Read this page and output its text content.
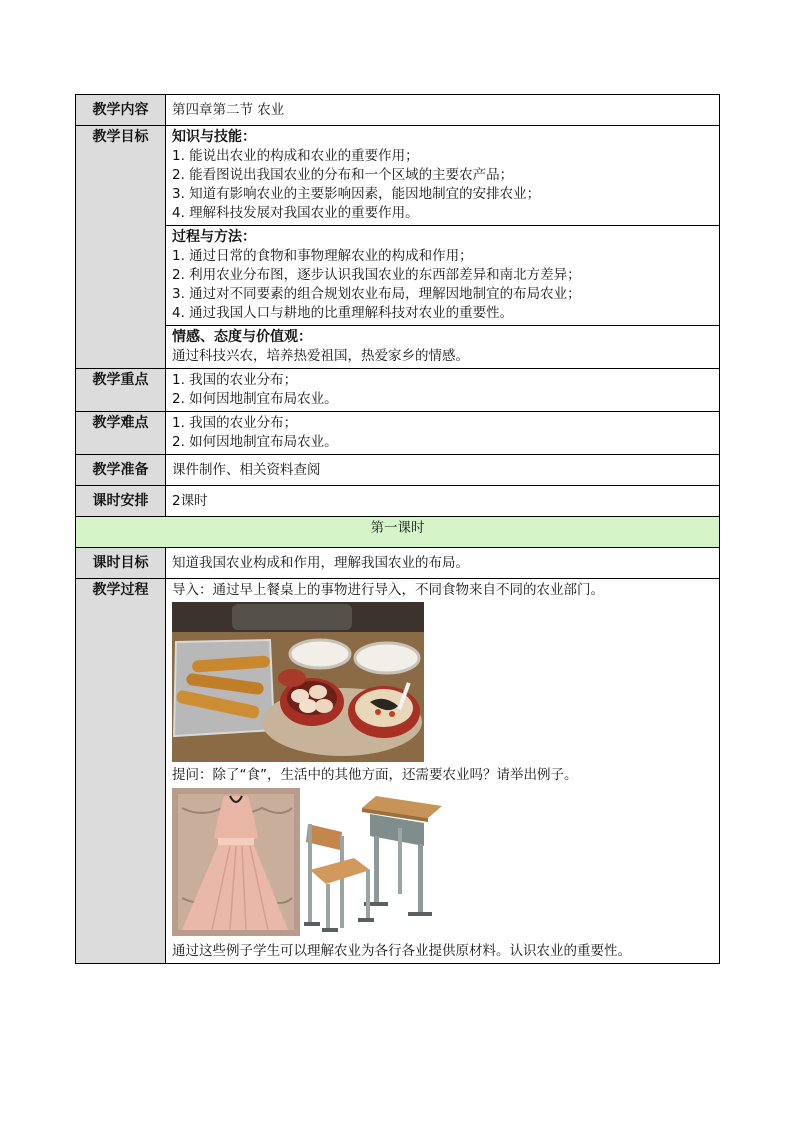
教学内容	第四章第二节 农业
教学目标	知识与技能：
1. 能说出农业的构成和农业的重要作用；
2. 能看图说出我国农业的分布和一个区域的主要农产品；
3. 知道有影响农业的主要影响因素，能因地制宜的安排农业；
4. 理解科技发展对我国农业的重要作用。

	过程与方法：
1. 通过日常的食物和事物理解农业的构成和作用；
2. 利用农业分布图，逐步认识我国农业的东西部差异和南北方差异；
3. 通过对不同要素的组合规划农业布局，理解因地制宜的布局农业；
4. 通过我国人口与耕地的比重理解科技对农业的重要性。

	情感、态度与价值观：
通过科技兴农，培养热爱祖国，热爱家乡的情感。

教学重点	1. 我国的农业分布；
2. 如何因地制宜布局农业。

教学难点	1. 我国的农业分布；
2. 如何因地制宜布局农业。

教学准备	课件制作、相关资料查阅
课时安排	2课时
第一课时	
课时目标	知道我国农业构成和作用，理解我国农业的布局。
教学过程	导入：通过早上餐桌上的事物进行导入，不同食物来自不同的农业部门。
提问：除了“食”，生活中的其他方面，还需要农业吗？请举出例子。
通过这些例子学生可以理解农业为各行各业提供原材料。认识农业的重要性。
